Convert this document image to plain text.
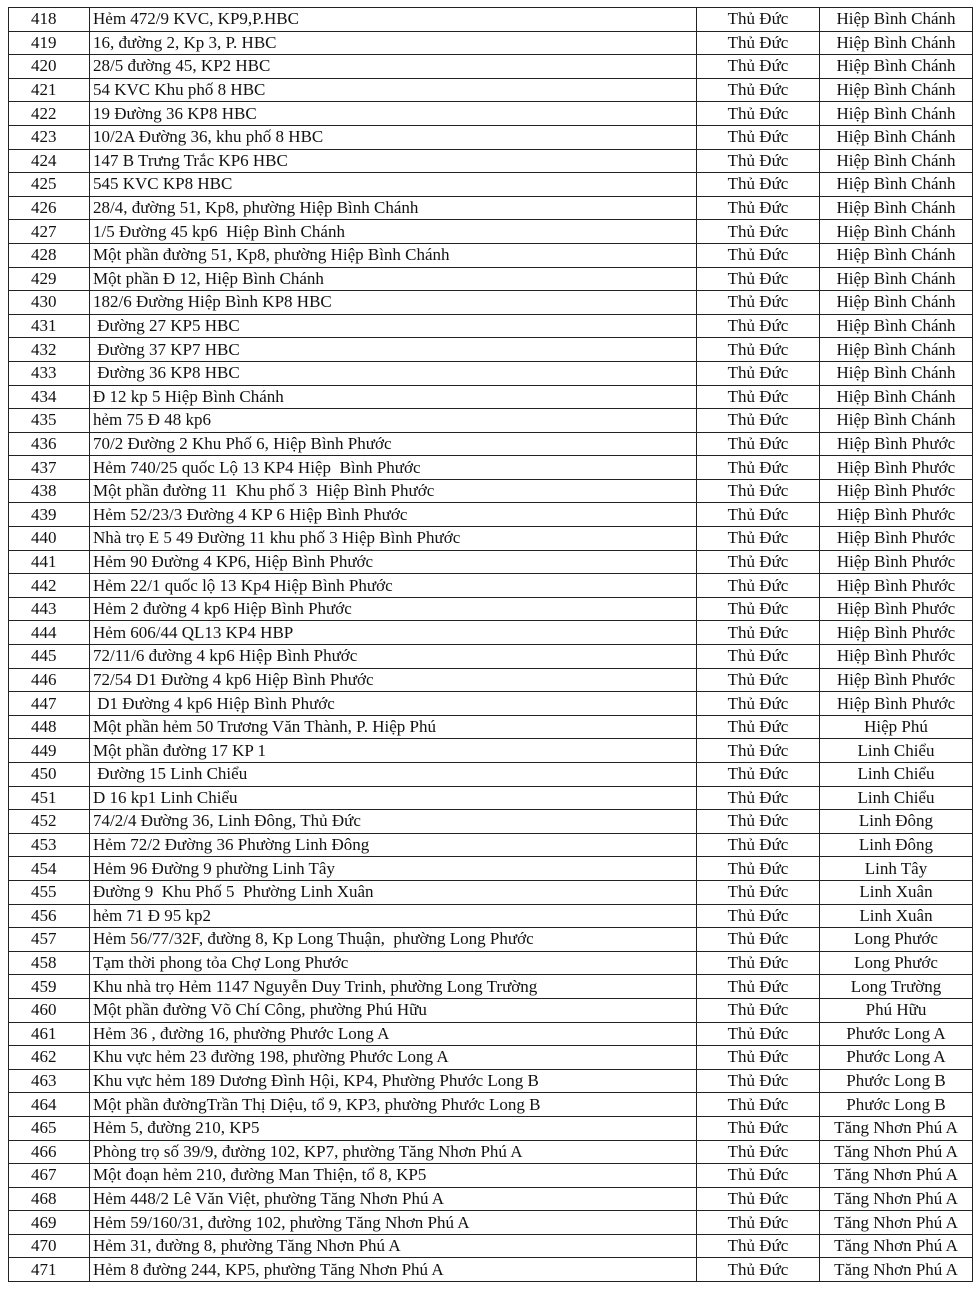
418	Hẻm 472/9 KVC, KP9,P.HBC	Thủ Đức	Hiệp Bình Chánh
419	16, đường 2, Kp 3, P. HBC	Thủ Đức	Hiệp Bình Chánh
420	28/5 đường 45, KP2 HBC	Thủ Đức	Hiệp Bình Chánh
421	54 KVC Khu phố 8 HBC	Thủ Đức	Hiệp Bình Chánh
422	19 Đường 36 KP8 HBC	Thủ Đức	Hiệp Bình Chánh
423	10/2A Đường 36, khu phố 8 HBC	Thủ Đức	Hiệp Bình Chánh
424	147 B Trưng Trắc KP6 HBC	Thủ Đức	Hiệp Bình Chánh
425	545 KVC KP8 HBC	Thủ Đức	Hiệp Bình Chánh
426	28/4, đường 51, Kp8, phường Hiệp Bình Chánh	Thủ Đức	Hiệp Bình Chánh
427	1/5 Đường 45 kp6  Hiệp Bình Chánh	Thủ Đức	Hiệp Bình Chánh
428	Một phần đường 51, Kp8, phường Hiệp Bình Chánh	Thủ Đức	Hiệp Bình Chánh
429	Một phần Đ 12, Hiệp Bình Chánh	Thủ Đức	Hiệp Bình Chánh
430	182/6 Đường Hiệp Bình KP8 HBC	Thủ Đức	Hiệp Bình Chánh
431	Đường 27 KP5 HBC	Thủ Đức	Hiệp Bình Chánh
432	Đường 37 KP7 HBC	Thủ Đức	Hiệp Bình Chánh
433	Đường 36 KP8 HBC	Thủ Đức	Hiệp Bình Chánh
434	Đ 12 kp 5 Hiệp Bình Chánh	Thủ Đức	Hiệp Bình Chánh
435	hẻm 75 Đ 48 kp6	Thủ Đức	Hiệp Bình Chánh
436	70/2 Đường 2 Khu Phố 6, Hiệp Bình Phước	Thủ Đức	Hiệp Bình Phước
437	Hẻm 740/25 quốc Lộ 13 KP4 Hiệp  Bình Phước	Thủ Đức	Hiệp Bình Phước
438	Một phần đường 11  Khu phố 3  Hiệp Bình Phước	Thủ Đức	Hiệp Bình Phước
439	Hẻm 52/23/3 Đường 4 KP 6 Hiệp Bình Phước	Thủ Đức	Hiệp Bình Phước
440	Nhà trọ E 5 49 Đường 11 khu phố 3 Hiệp Bình Phước	Thủ Đức	Hiệp Bình Phước
441	Hẻm 90 Đường 4 KP6, Hiệp Bình Phước	Thủ Đức	Hiệp Bình Phước
442	Hẻm 22/1 quốc lộ 13 Kp4 Hiệp Bình Phước	Thủ Đức	Hiệp Bình Phước
443	Hẻm 2 đường 4 kp6 Hiệp Bình Phước	Thủ Đức	Hiệp Bình Phước
444	Hẻm 606/44 QL13 KP4 HBP	Thủ Đức	Hiệp Bình Phước
445	72/11/6 đường 4 kp6 Hiệp Bình Phước	Thủ Đức	Hiệp Bình Phước
446	72/54 D1 Đường 4 kp6 Hiệp Bình Phước	Thủ Đức	Hiệp Bình Phước
447	D1 Đường 4 kp6 Hiệp Bình Phước	Thủ Đức	Hiệp Bình Phước
448	Một phần hẻm 50 Trương Văn Thành, P. Hiệp Phú	Thủ Đức	Hiệp Phú
449	Một phần đường 17 KP 1	Thủ Đức	Linh Chiểu
450	Đường 15 Linh Chiểu	Thủ Đức	Linh Chiểu
451	D 16 kp1 Linh Chiểu	Thủ Đức	Linh Chiểu
452	74/2/4 Đường 36, Linh Đông, Thủ Đức	Thủ Đức	Linh Đông
453	Hẻm 72/2 Đường 36 Phường Linh Đông	Thủ Đức	Linh Đông
454	Hẻm 96 Đường 9 phường Linh Tây	Thủ Đức	Linh Tây
455	Đường 9  Khu Phố 5  Phường Linh Xuân	Thủ Đức	Linh Xuân
456	hẻm 71 Đ 95 kp2	Thủ Đức	Linh Xuân
457	Hẻm 56/77/32F, đường 8, Kp Long Thuận,  phường Long Phước	Thủ Đức	Long Phước
458	Tạm thời phong tỏa Chợ Long Phước	Thủ Đức	Long Phước
459	Khu nhà trọ Hẻm 1147 Nguyễn Duy Trinh, phường Long Trường	Thủ Đức	Long Trường
460	Một phần đường Võ Chí Công, phường Phú Hữu	Thủ Đức	Phú Hữu
461	Hẻm 36 , đường 16, phường Phước Long A	Thủ Đức	Phước Long A
462	Khu vực hẻm 23 đường 198, phường Phước Long A	Thủ Đức	Phước Long A
463	Khu vực hẻm 189 Dương Đình Hội, KP4, Phường Phước Long B	Thủ Đức	Phước Long B
464	Một phần đườngTrần Thị Diệu, tổ 9, KP3, phường Phước Long B	Thủ Đức	Phước Long B
465	Hẻm 5, đường 210, KP5	Thủ Đức	Tăng Nhơn Phú A
466	Phòng trọ số 39/9, đường 102, KP7, phường Tăng Nhơn Phú A	Thủ Đức	Tăng Nhơn Phú A
467	Một đoạn hẻm 210, đường Man Thiện, tổ 8, KP5	Thủ Đức	Tăng Nhơn Phú A
468	Hẻm 448/2 Lê Văn Việt, phường Tăng Nhơn Phú A	Thủ Đức	Tăng Nhơn Phú A
469	Hẻm 59/160/31, đường 102, phường Tăng Nhơn Phú A	Thủ Đức	Tăng Nhơn Phú A
470	Hẻm 31, đường 8, phường Tăng Nhơn Phú A	Thủ Đức	Tăng Nhơn Phú A
471	Hẻm 8 đường 244, KP5, phường Tăng Nhơn Phú A	Thủ Đức	Tăng Nhơn Phú A
